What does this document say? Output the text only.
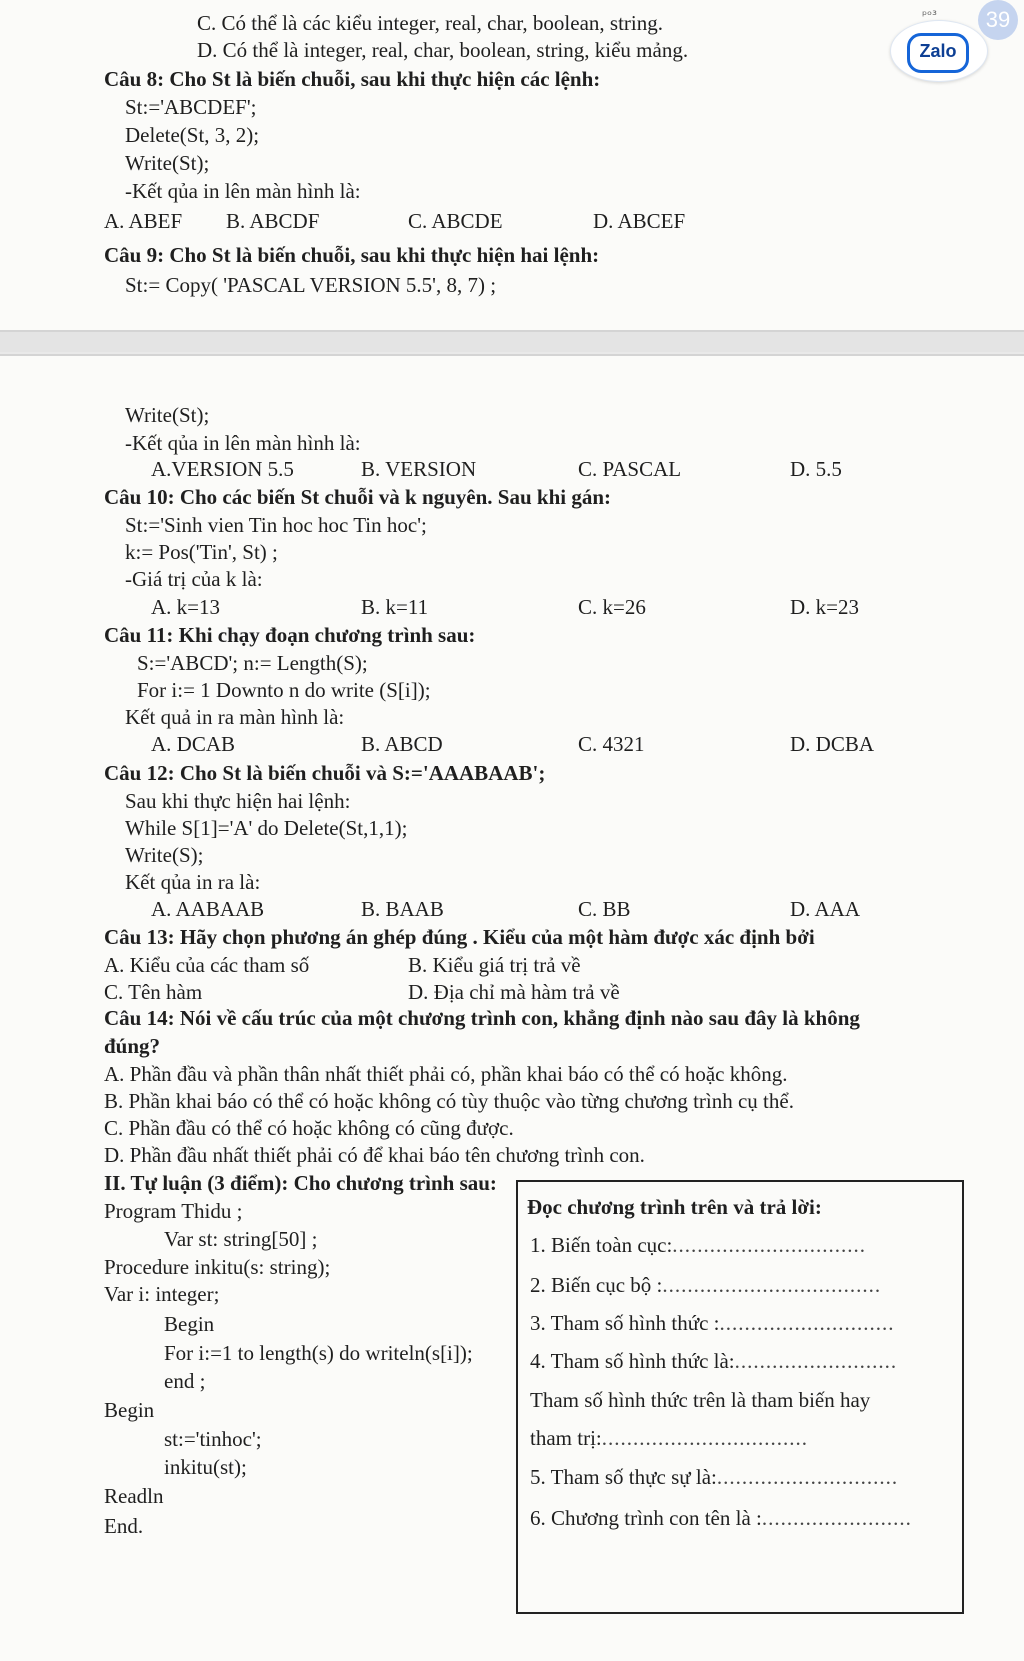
39
Zalo
ᵖᵒ³
C. Có thể là các kiểu integer, real, char, boolean, string.
D. Có thể là integer, real, char, boolean, string, kiểu mảng.
Câu 8: Cho St là biến chuỗi, sau khi thực hiện các lệnh:
St:='ABCDEF';
Delete(St, 3, 2);
Write(St);
-Kết qủa in lên màn hình là:
A. ABEF B. ABCDF	C. ABCDE	D. ABCEF
Câu 9: Cho St là biến chuỗi, sau khi thực hiện hai lệnh:
St:= Copy( 'PASCAL VERSION 5.5', 8, 7) ;
Write(St);
-Kết qủa in lên màn hình là:
A.VERSION 5.5	B. VERSION	C. PASCAL	D. 5.5
Câu 10: Cho các biến St chuỗi và k nguyên. Sau khi gán:
St:='Sinh vien Tin hoc hoc Tin hoc';
k:= Pos('Tin', St) ;
-Giá trị của k là:
A. k=13	B. k=11	C. k=26	D. k=23
Câu 11: Khi chạy đoạn chương trình sau:
S:='ABCD'; n:= Length(S);
For i:= 1 Downto n do write (S[i]);
Kết quả in ra màn hình là:
A. DCAB	B. ABCD	C. 4321	D. DCBA
Câu 12: Cho St là biến chuỗi và S:='AAABAAB';
Sau khi thực hiện hai lệnh:
While S[1]='A' do Delete(St,1,1);
Write(S);
Kết qủa in ra là:
A. AABAAB	B. BAAB	C. BB	D. AAA
Câu 13: Hãy chọn phương án ghép đúng . Kiểu của một hàm được xác định bởi
A. Kiểu của các tham số	B. Kiểu giá trị trả về
C. Tên hàm	D. Địa chỉ mà hàm trả về
Câu 14: Nói về cấu trúc của một chương trình con, khẳng định nào sau đây là không
đúng?
A. Phần đầu và phần thân nhất thiết phải có, phần khai báo có thể có hoặc không.
B. Phần khai báo có thể có hoặc không có tùy thuộc vào từng chương trình cụ thể.
C. Phần đầu có thể có hoặc không có cũng được.
D. Phần đầu nhất thiết phải có để khai báo tên chương trình con.
II. Tự luận (3 điểm): Cho chương trình sau:
Program Thidu ;
Var st: string[50] ;
Procedure inkitu(s: string);
Var i: integer;
Begin
For i:=1 to length(s) do writeln(s[i]);
end ;
Begin
st:='tinhoc';
inkitu(st);
Readln
End.
Đọc chương trình trên và trả lời:
1. Biến toàn cục:...............................
2. Biến cục bộ :...................................
3. Tham số hình thức :............................
4. Tham số hình thức là:..........................
Tham số hình thức trên là tham biến hay
tham trị:.................................
5. Tham số thực sự là:.............................
6. Chương trình con tên là :........................
